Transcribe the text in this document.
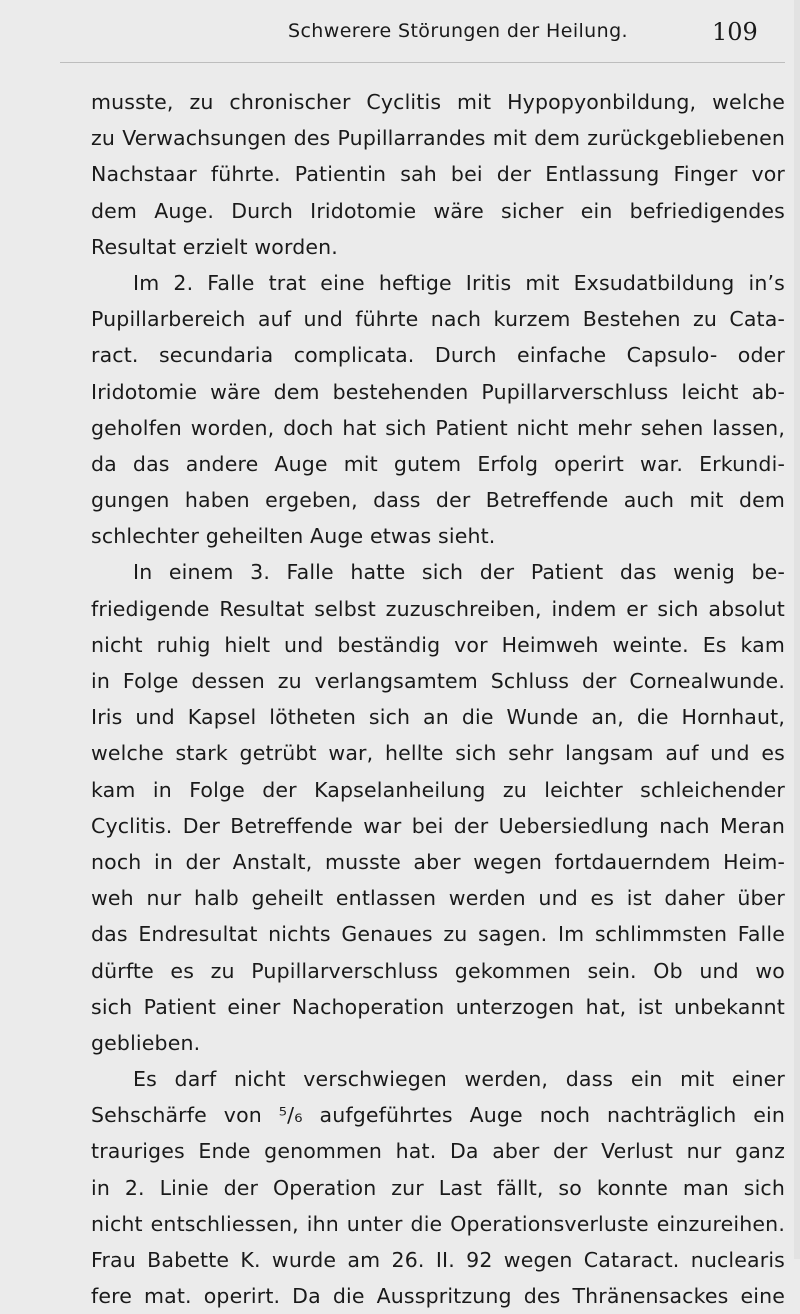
Schwerere Störungen der Heilung.	109
musste, zu chronischer Cyclitis mit Hypopyonbildung, welche
zu Verwachsungen des Pupillarrandes mit dem zurückgebliebenen
Nachstaar führte. Patientin sah bei der Entlassung Finger vor
dem Auge. Durch Iridotomie wäre sicher ein befriedigendes
Resultat erzielt worden.
Im 2. Falle trat eine heftige Iritis mit Exsudatbildung in’s
Pupillarbereich auf und führte nach kurzem Bestehen zu Cata-
ract. secundaria complicata. Durch einfache Capsulo- oder
Iridotomie wäre dem bestehenden Pupillarverschluss leicht ab-
geholfen worden, doch hat sich Patient nicht mehr sehen lassen,
da das andere Auge mit gutem Erfolg operirt war. Erkundi-
gungen haben ergeben, dass der Betreffende auch mit dem
schlechter geheilten Auge etwas sieht.
In einem 3. Falle hatte sich der Patient das wenig be-
friedigende Resultat selbst zuzuschreiben, indem er sich absolut
nicht ruhig hielt und beständig vor Heimweh weinte. Es kam
in Folge dessen zu verlangsamtem Schluss der Cornealwunde.
Iris und Kapsel lötheten sich an die Wunde an, die Hornhaut,
welche stark getrübt war, hellte sich sehr langsam auf und es
kam in Folge der Kapselanheilung zu leichter schleichender
Cyclitis. Der Betreffende war bei der Uebersiedlung nach Meran
noch in der Anstalt, musste aber wegen fortdauerndem Heim-
weh nur halb geheilt entlassen werden und es ist daher über
das Endresultat nichts Genaues zu sagen. Im schlimmsten Falle
dürfte es zu Pupillarverschluss gekommen sein. Ob und wo
sich Patient einer Nachoperation unterzogen hat, ist unbekannt
geblieben.
Es darf nicht verschwiegen werden, dass ein mit einer
Sehschärfe von ⁵/₆ aufgeführtes Auge noch nachträglich ein
trauriges Ende genommen hat. Da aber der Verlust nur ganz
in 2. Linie der Operation zur Last fällt, so konnte man sich
nicht entschliessen, ihn unter die Operationsverluste einzureihen.
Frau Babette K. wurde am 26. II. 92 wegen Cataract. nuclearis
fere mat. operirt. Da die Ausspritzung des Thränensackes eine
